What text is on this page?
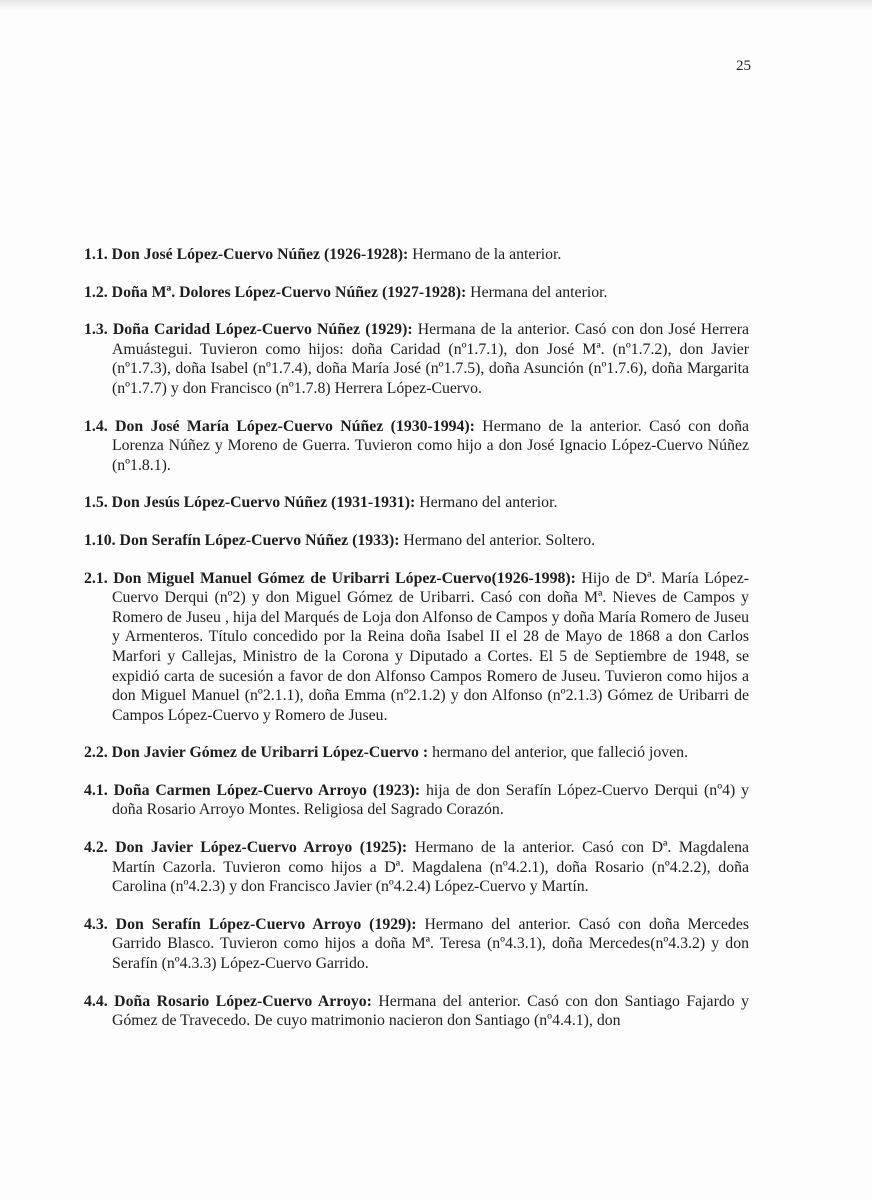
25

1.1. Don José López-Cuervo Núñez (1926-1928): Hermano de la anterior.

1.2. Doña Mª. Dolores López-Cuervo Núñez (1927-1928): Hermana del anterior.

1.3. Doña Caridad López-Cuervo Núñez (1929): Hermana de la anterior. Casó con don José Herrera Amuástegui. Tuvieron como hijos: doña Caridad (nº1.7.1), don José Mª. (nº1.7.2), don Javier (nº1.7.3), doña Isabel (nº1.7.4), doña María José (nº1.7.5), doña Asunción (nº1.7.6), doña Margarita (nº1.7.7) y don Francisco (nº1.7.8) Herrera López-Cuervo.

1.4. Don José María López-Cuervo Núñez (1930-1994): Hermano de la anterior. Casó con doña Lorenza Núñez y Moreno de Guerra. Tuvieron como hijo a don José Ignacio López-Cuervo Núñez (nº1.8.1).

1.5. Don Jesús López-Cuervo Núñez (1931-1931): Hermano del anterior.

1.10. Don Serafín López-Cuervo Núñez (1933): Hermano del anterior. Soltero.

2.1. Don Miguel Manuel Gómez de Uribarri López-Cuervo(1926-1998): Hijo de Dª. María López-Cuervo Derqui (nº2) y don Miguel Gómez de Uribarri. Casó con doña Mª. Nieves de Campos y Romero de Juseu , hija del Marqués de Loja don Alfonso de Campos y doña María Romero de Juseu y Armenteros. Título concedido por la Reina doña Isabel II el 28 de Mayo de 1868 a don Carlos Marfori y Callejas, Ministro de la Corona y Diputado a Cortes. El 5 de Septiembre de 1948, se expidió carta de sucesión a favor de don Alfonso Campos Romero de Juseu. Tuvieron como hijos a don Miguel Manuel (nº2.1.1), doña Emma (nº2.1.2) y don Alfonso (nº2.1.3) Gómez de Uribarri de Campos López-Cuervo y Romero de Juseu.

2.2. Don Javier Gómez de Uribarri López-Cuervo : hermano del anterior, que falleció joven.

4.1. Doña Carmen López-Cuervo Arroyo (1923): hija de don Serafín López-Cuervo Derqui (nº4) y doña Rosario Arroyo Montes. Religiosa del Sagrado Corazón.

4.2. Don Javier López-Cuervo Arroyo (1925): Hermano de la anterior. Casó con Dª. Magdalena Martín Cazorla. Tuvieron como hijos a Dª. Magdalena (nº4.2.1), doña Rosario (nº4.2.2), doña Carolina (nº4.2.3) y don Francisco Javier (nº4.2.4) López-Cuervo y Martín.

4.3. Don Serafín López-Cuervo Arroyo (1929): Hermano del anterior. Casó con doña Mercedes Garrido Blasco. Tuvieron como hijos a doña Mª. Teresa (nº4.3.1), doña Mercedes(nº4.3.2) y don Serafín (nº4.3.3) López-Cuervo Garrido.

4.4. Doña Rosario López-Cuervo Arroyo: Hermana del anterior. Casó con don Santiago Fajardo y Gómez de Travecedo. De cuyo matrimonio nacieron don Santiago (nº4.4.1), don
